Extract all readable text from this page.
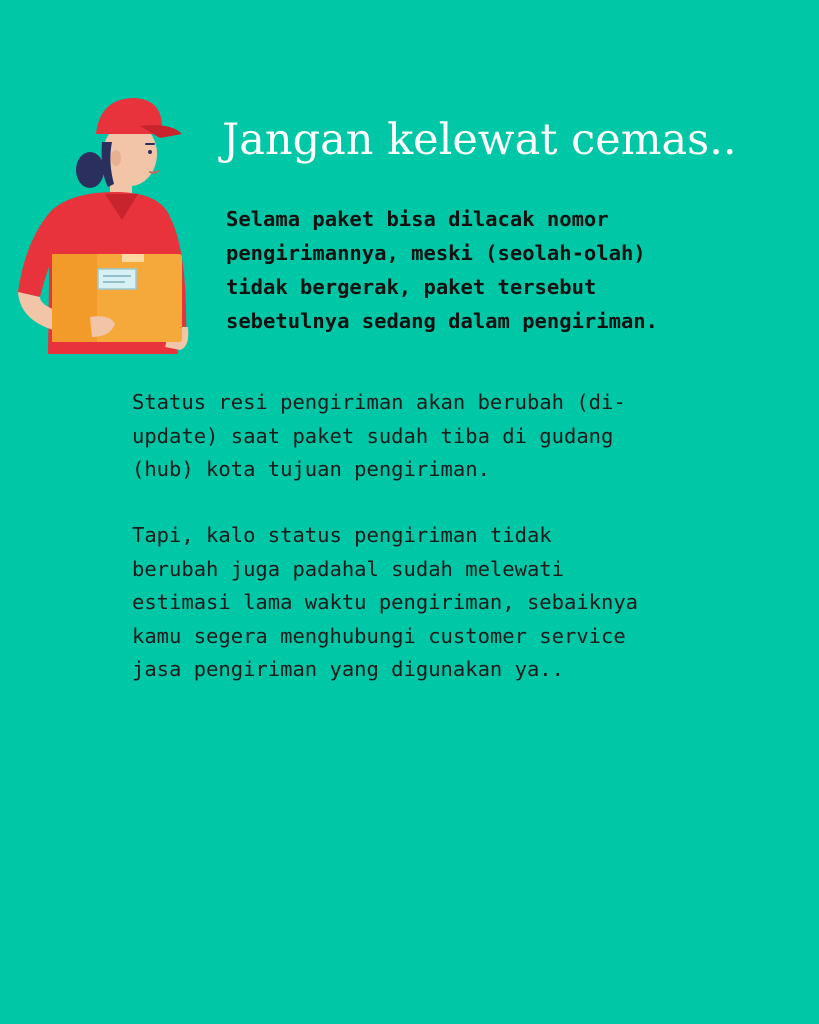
Jangan kelewat cemas..

Selama paket bisa dilacak nomor
pengirimannya, meski (seolah-olah)
tidak bergerak, paket tersebut
sebetulnya sedang dalam pengiriman.

Status resi pengiriman akan berubah (di-
update) saat paket sudah tiba di gudang
(hub) kota tujuan pengiriman.

Tapi, kalo status pengiriman tidak
berubah juga padahal sudah melewati
estimasi lama waktu pengiriman, sebaiknya
kamu segera menghubungi customer service
jasa pengiriman yang digunakan ya..
